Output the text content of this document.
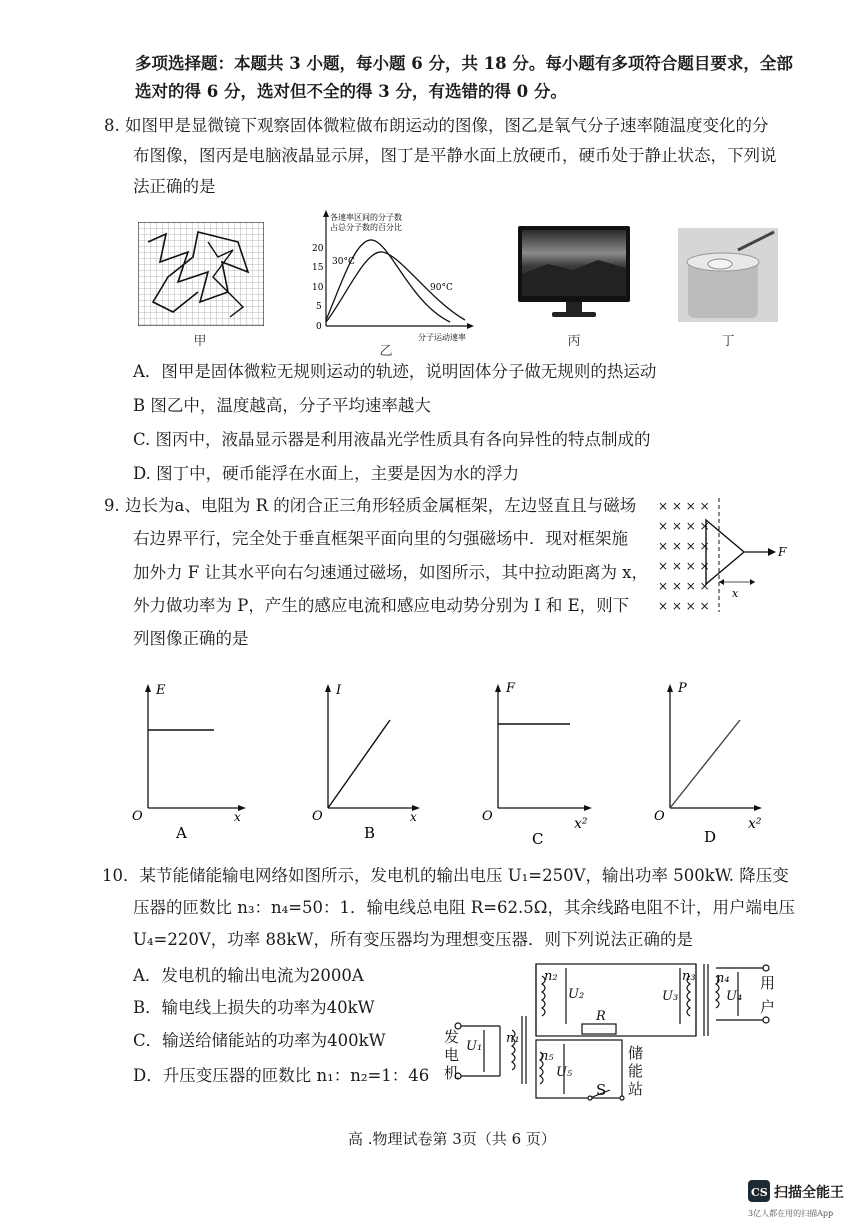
多项选择题：本题共 3 小题，每小题 6 分，共 18 分。每小题有多项符合题目要求，全部
选对的得 6 分，选对但不全的得 3 分，有选错的得 0 分。
8. 如图甲是显微镜下观察固体微粒做布朗运动的图像，图乙是氧气分子速率随温度变化的分
布图像，图丙是电脑液晶显示屏，图丁是平静水面上放硬币，硬币处于静止状态，下列说
法正确的是
甲
各速率区间的分子数
占总分子数的百分比
20
15
10
5
0
30°C
90°C
分子运动速率
乙
丙	丁
A．图甲是固体微粒无规则运动的轨迹，说明固体分子做无规则的热运动
B 图乙中，温度越高，分子平均速率越大
C. 图丙中，液晶显示器是利用液晶光学性质具有各向异性的特点制成的
D. 图丁中，硬币能浮在水面上，主要是因为水的浮力
9. 边长为a、电阻为 R 的闭合正三角形轻质金属框架，左边竖直且与磁场
右边界平行，完全处于垂直框架平面向里的匀强磁场中．现对框架施
加外力 F 让其水平向右匀速通过磁场，如图所示，其中拉动距离为 x，
外力做功率为 P，产生的感应电流和感应电动势分别为 I 和 E，则下
列图像正确的是
× × × ×
× × × ×
× × × ×
× × × ×
× × × ×
× × × ×
F
x
E
O	x
A
I
O	x
B
F
O	x²
C
P
O	x²
D
10．某节能储能输电网络如图所示，发电机的输出电压 U₁=250V，输出功率 500kW. 降压变
压器的匝数比 n₃：n₄=50：1．输电线总电阻 R=62.5Ω，其余线路电阻不计，用户端电压
U₄=220V，功率 88kW，所有变压器均为理想变压器．则下列说法正确的是
A．发电机的输出电流为2000A
B．输电线上损失的功率为40kW
C．输送给储能站的功率为400kW
D．升压变压器的匝数比 n₁：n₂=1：46
n₂
U₂
n₁
U₁
U₃
n₃ n₄
U₄
n₅
U₅
R
发
电
机
用
户
储
能
站
S
高 .物理试卷第 3页（共 6 页）
CS 扫描全能王
3亿人都在用的扫描App
